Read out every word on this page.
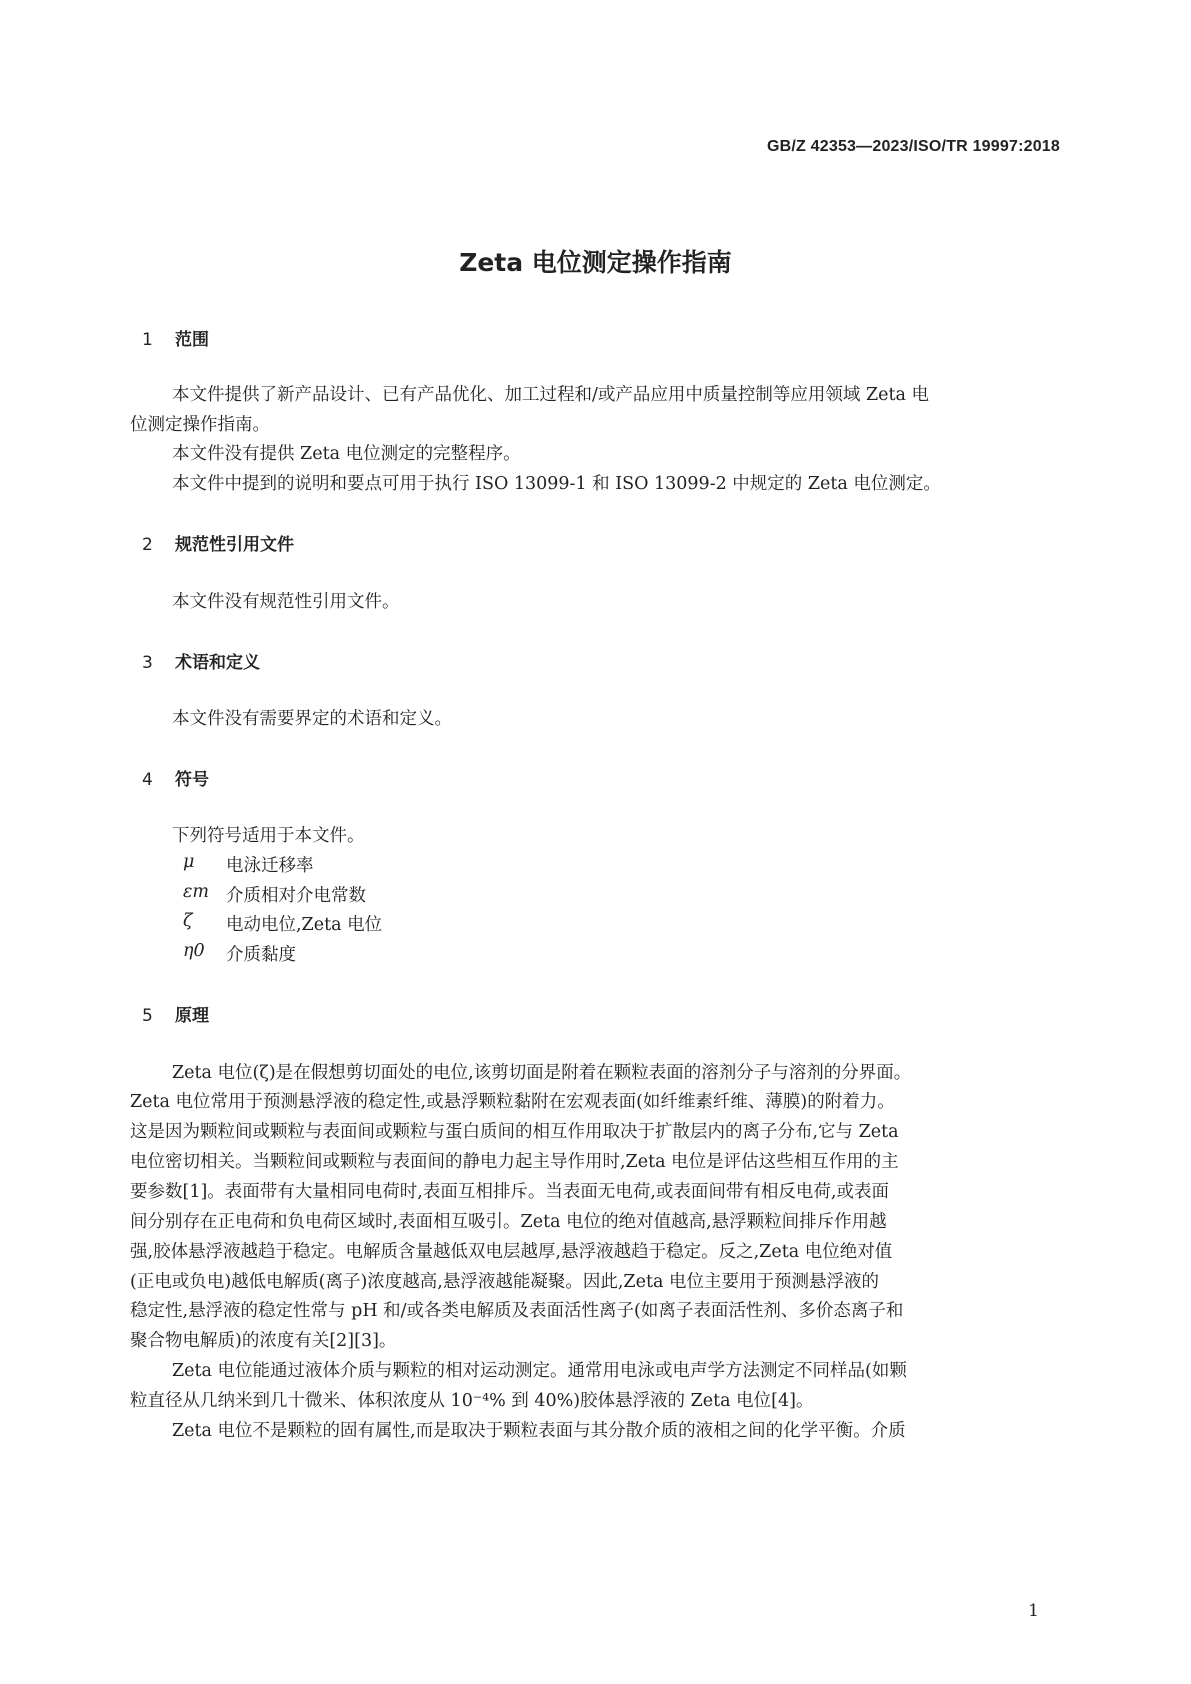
GB/Z 42353—2023/ISO/TR 19997:2018
Zeta 电位测定操作指南
1 范围
本文件提供了新产品设计、已有产品优化、加工过程和/或产品应用中质量控制等应用领域 Zeta 电
位测定操作指南。
本文件没有提供 Zeta 电位测定的完整程序。
本文件中提到的说明和要点可用于执行 ISO 13099-1 和 ISO 13099-2 中规定的 Zeta 电位测定。
2 规范性引用文件
本文件没有规范性引用文件。
3 术语和定义
本文件没有需要界定的术语和定义。
4 符号
下列符号适用于本文件。
μ 电泳迁移率
εm 介质相对介电常数
ζ 电动电位,Zeta 电位
η0 介质黏度
5 原理
Zeta 电位(ζ)是在假想剪切面处的电位,该剪切面是附着在颗粒表面的溶剂分子与溶剂的分界面。
Zeta 电位常用于预测悬浮液的稳定性,或悬浮颗粒黏附在宏观表面(如纤维素纤维、薄膜)的附着力。
这是因为颗粒间或颗粒与表面间或颗粒与蛋白质间的相互作用取决于扩散层内的离子分布,它与 Zeta
电位密切相关。当颗粒间或颗粒与表面间的静电力起主导作用时,Zeta 电位是评估这些相互作用的主
要参数[1]。表面带有大量相同电荷时,表面互相排斥。当表面无电荷,或表面间带有相反电荷,或表面
间分别存在正电荷和负电荷区域时,表面相互吸引。Zeta 电位的绝对值越高,悬浮颗粒间排斥作用越
强,胶体悬浮液越趋于稳定。电解质含量越低双电层越厚,悬浮液越趋于稳定。反之,Zeta 电位绝对值
(正电或负电)越低电解质(离子)浓度越高,悬浮液越能凝聚。因此,Zeta 电位主要用于预测悬浮液的
稳定性,悬浮液的稳定性常与 pH 和/或各类电解质及表面活性离子(如离子表面活性剂、多价态离子和
聚合物电解质)的浓度有关[2][3]。
Zeta 电位能通过液体介质与颗粒的相对运动测定。通常用电泳或电声学方法测定不同样品(如颗
粒直径从几纳米到几十微米、体积浓度从 10⁻⁴% 到 40%)胶体悬浮液的 Zeta 电位[4]。
Zeta 电位不是颗粒的固有属性,而是取决于颗粒表面与其分散介质的液相之间的化学平衡。介质
1
